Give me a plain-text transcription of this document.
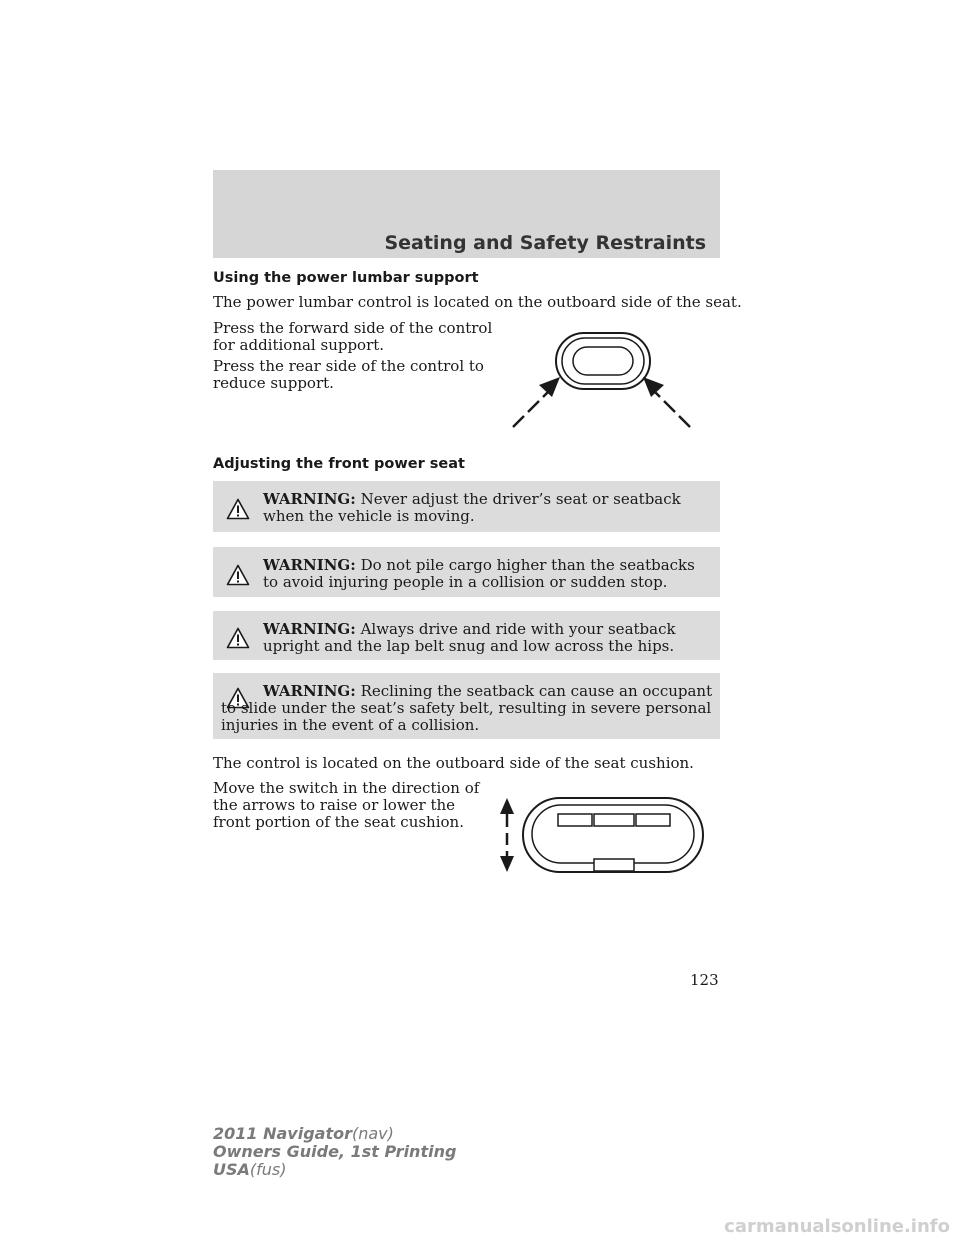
Seating and Safety Restraints
Using the power lumbar support
The power lumbar control is located on the outboard side of the seat.
Press the forward side of the control
for additional support.
Press the rear side of the control to
reduce support.
Adjusting the front power seat
WARNING: Never adjust the driver’s seat or seatback when the vehicle is moving.
WARNING: Do not pile cargo higher than the seatbacks to avoid injuring people in a collision or sudden stop.
WARNING: Always drive and ride with your seatback upright and the lap belt snug and low across the hips.
WARNING: Reclining the seatback can cause an occupant to slide under the seat’s safety belt, resulting in severe personal injuries in the event of a collision.
The control is located on the outboard side of the seat cushion.
Move the switch in the direction of
the arrows to raise or lower the
front portion of the seat cushion.
123
2011 Navigator(nav)
Owners Guide, 1st Printing
USA(fus)
carmanualsonline.info
